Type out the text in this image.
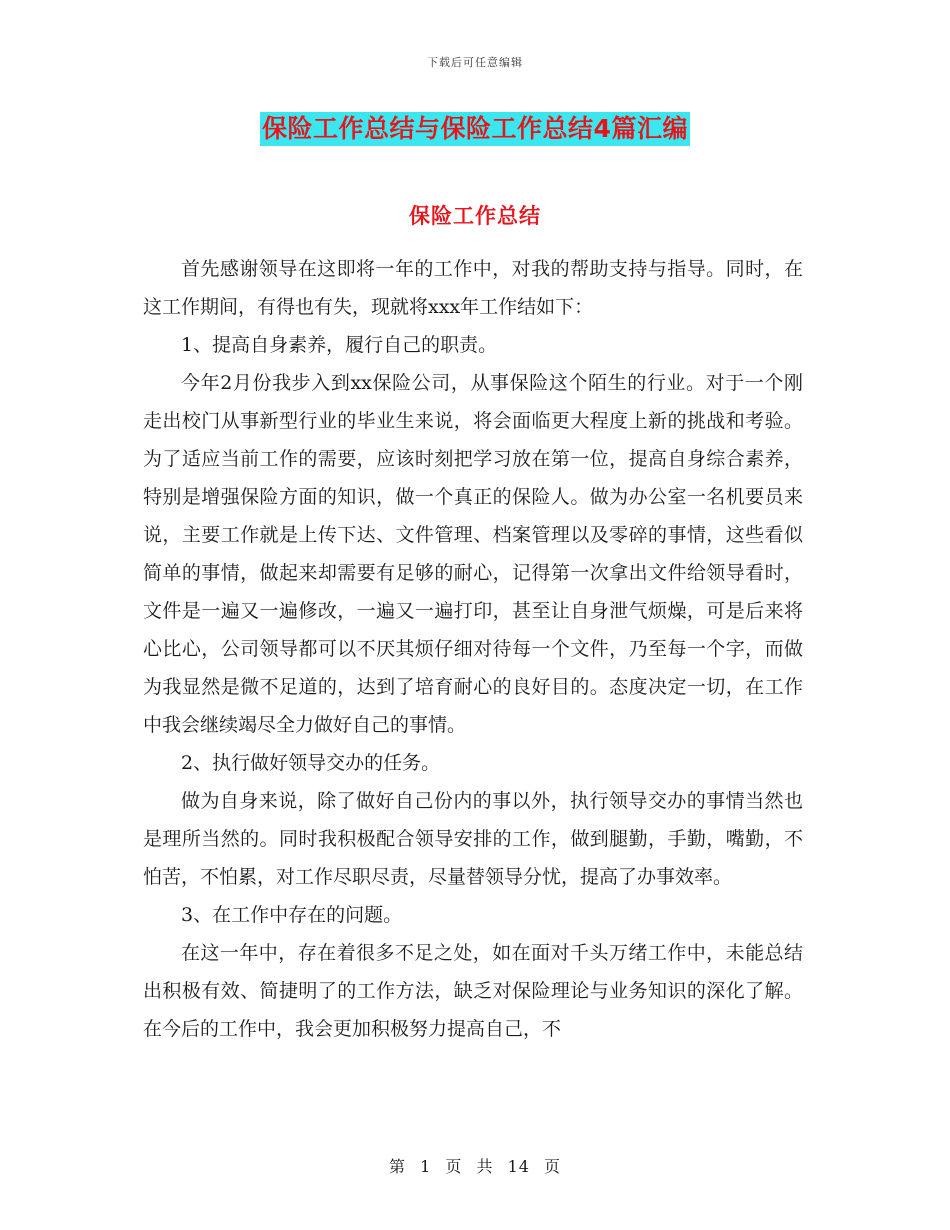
下载后可任意编辑
保险工作总结与保险工作总结4篇汇编
保险工作总结

首先感谢领导在这即将一年的工作中，对我的帮助支持与指导。同时，在这工作期间，有得也有失，现就将xxx年工作结如下：

1、提高自身素养，履行自己的职责。

今年2月份我步入到xx保险公司，从事保险这个陌生的行业。对于一个刚走出校门从事新型行业的毕业生来说，将会面临更大程度上新的挑战和考验。为了适应当前工作的需要，应该时刻把学习放在第一位，提高自身综合素养，特别是增强保险方面的知识，做一个真正的保险人。做为办公室一名机要员来说，主要工作就是上传下达、文件管理、档案管理以及零碎的事情，这些看似简单的事情，做起来却需要有足够的耐心，记得第一次拿出文件给领导看时，文件是一遍又一遍修改，一遍又一遍打印，甚至让自身泄气烦燥，可是后来将心比心，公司领导都可以不厌其烦仔细对待每一个文件，乃至每一个字，而做为我显然是微不足道的，达到了培育耐心的良好目的。态度决定一切，在工作中我会继续竭尽全力做好自己的事情。

2、执行做好领导交办的任务。

做为自身来说，除了做好自己份内的事以外，执行领导交办的事情当然也是理所当然的。同时我积极配合领导安排的工作，做到腿勤，手勤，嘴勤，不怕苦，不怕累，对工作尽职尽责，尽量替领导分忧，提高了办事效率。

3、在工作中存在的问题。

在这一年中，存在着很多不足之处，如在面对千头万绪工作中，未能总结出积极有效、简捷明了的工作方法，缺乏对保险理论与业务知识的深化了解。在今后的工作中，我会更加积极努力提高自己，不

第 1 页 共 14 页
